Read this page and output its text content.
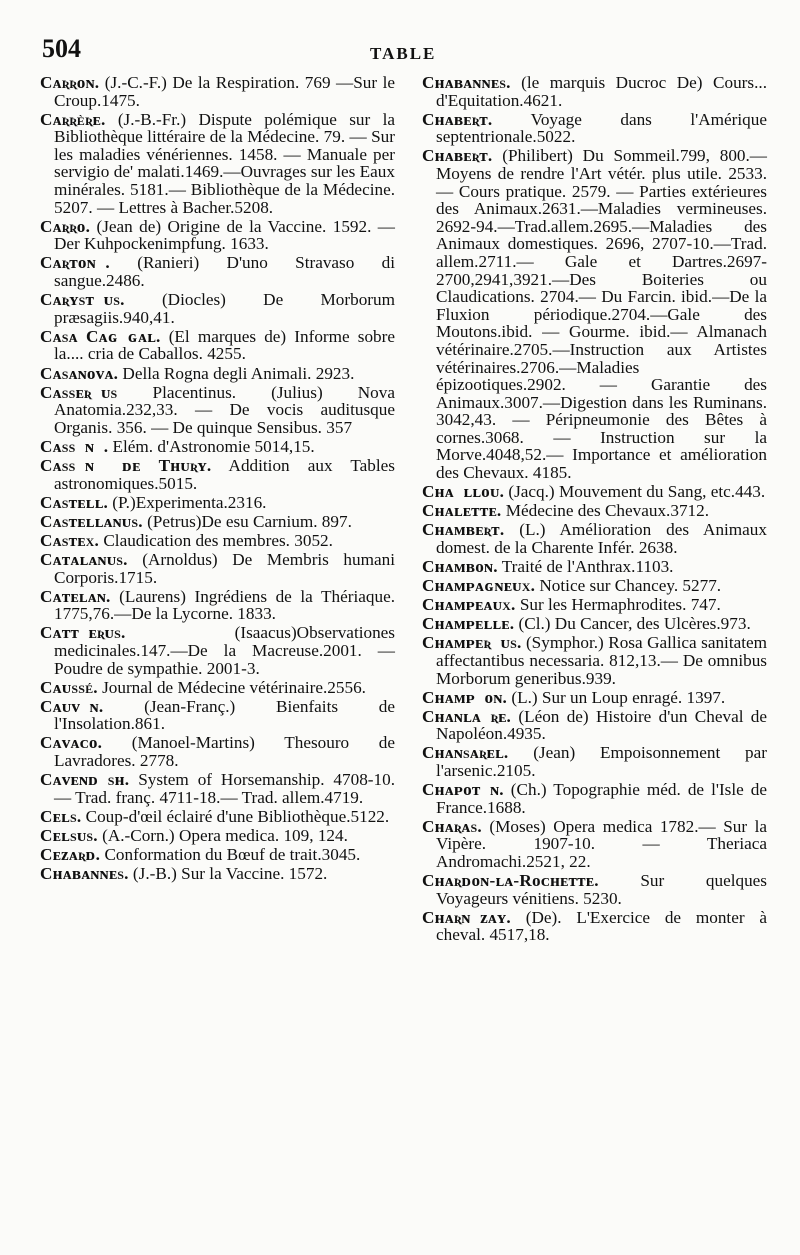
504	TABLE
Cᴀʀʀᴏɴ. (J.-C.-F.) De la Respiration. 769 —Sur le Croup.1475.
Cᴀʀʀèʀᴇ. (J.-B.-Fr.) Dispute polémique sur la Bibliothèque littéraire de la Médecine. 79. — Sur les maladies vénériennes. 1458. — Manuale per servigio de' malati.1469.—Ouvrages sur les Eaux minérales. 5181.— Bibliothèque de la Médecine. 5207. — Lettres à Bacher.5208.
Cᴀʀʀᴏ. (Jean de) Origine de la Vaccine. 1592. — Der Kuhpockenimpfung. 1633.
Cᴀʀᴛᴏɴɪ. (Ranieri) D'uno Stravaso di sangue.2486.
Cᴀʀʏsᴛɪᴜs. (Diocles) De Morborum præsagiis.940,41.
Cᴀsᴀ Cᴀɢɪɢᴀʟ. (El marques de) Informe sobre la.... cria de Caballos. 4255.
Cᴀsᴀɴᴏᴠᴀ. Della Rogna degli Animali. 2923.
Cᴀssᴇʀɪᴜs Placentinus. (Julius) Nova Anatomia.232,33. — De vocis auditusque Organis. 356. — De quinque Sensibus. 357
Cᴀssɪɴɪ. Elém. d'Astronomie 5014,15.
Cᴀssɪɴɪ ᴅᴇ Tʜᴜʀʏ. Addition aux Tables astronomiques.5015.
Cᴀsᴛᴇʟʟ. (P.)Experimenta.2316.
Cᴀsᴛᴇʟʟᴀɴᴜs. (Petrus)De esu Carnium. 897.
Cᴀsᴛᴇx. Claudication des membres. 3052.
Cᴀᴛᴀʟᴀɴᴜs. (Arnoldus) De Membris humani Corporis.1715.
Cᴀᴛᴇʟᴀɴ. (Laurens) Ingrédiens de la Thériaque. 1775,76.—De la Lycorne. 1833.
Cᴀᴛᴛɪᴇʀᴜs.	(Isaacus)Observationes medicinales.147.—De la Macreuse.2001. — Poudre de sympathie. 2001-3.
Cᴀᴜssé. Journal de Médecine vétérinaire.2556.
Cᴀᴜᴠɪɴ. (Jean-Franç.) Bienfaits de l'Insolation.861.
Cᴀᴠᴀᴄᴏ. (Manoel-Martins) Thesouro de Lavradores. 2778.
Cᴀᴠᴇɴᴅɪsʜ. System of Horsemanship. 4708-10. — Trad. franç. 4711-18.— Trad. allem.4719.
Cᴇʟs. Coup-d'œil éclairé d'une Bibliothèque.5122.
Cᴇʟsᴜs. (A.-Corn.) Opera medica. 109, 124.
Cᴇᴢᴀʀᴅ. Conformation du Bœuf de trait.3045.
Cʜᴀʙᴀɴɴᴇs. (J.-B.) Sur la Vaccine. 1572.
Cʜᴀʙᴀɴɴᴇs. (le marquis Ducroc De) Cours... d'Equitation.4621.
Cʜᴀʙᴇʀᴛ. Voyage dans l'Amérique septentrionale.5022.
Cʜᴀʙᴇʀᴛ. (Philibert) Du Sommeil.799, 800.—Moyens de rendre l'Art vétér. plus utile. 2533. — Cours pratique. 2579. — Parties extérieures des Animaux.2631.—Maladies vermineuses. 2692-94.—Trad.allem.2695.—Maladies des Animaux domestiques. 2696, 2707-10.—Trad. allem.2711.— Gale et Dartres.2697-2700,2941,3921.—Des Boiteries ou Claudications. 2704.— Du Farcin. ibid.—De la Fluxion périodique.2704.—Gale des Moutons.ibid. — Gourme. ibid.— Almanach vétérinaire.2705.—Instruction aux Artistes vétérinaires.2706.—Maladies épizootiques.2902. — Garantie des Animaux.3007.—Digestion dans les Ruminans. 3042,43. — Péripneumonie des Bêtes à cornes.3068. — Instruction sur la Morve.4048,52.— Importance et amélioration des Chevaux. 4185.
Cʜᴀɪʟʟᴏᴜ. (Jacq.) Mouvement du Sang, etc.443.
Cʜᴀʟᴇᴛᴛᴇ. Médecine des Chevaux.3712.
Cʜᴀᴍʙᴇʀᴛ. (L.) Amélioration des Animaux domest. de la Charente Infér. 2638.
Cʜᴀᴍʙᴏɴ. Traité de l'Anthrax.1103.
Cʜᴀᴍᴘᴀɢɴᴇᴜx. Notice sur Chancey. 5277.
Cʜᴀᴍᴘᴇᴀᴜx. Sur les Hermaphrodites. 747.
Cʜᴀᴍᴘᴇʟʟᴇ. (Cl.) Du Cancer, des Ulcères.973.
Cʜᴀᴍᴘᴇʀɪᴜs. (Symphor.) Rosa Gallica sanitatem affectantibus necessaria. 812,13.— De omnibus Morborum generibus.939.
Cʜᴀᴍᴘɪᴏɴ. (L.) Sur un Loup enragé. 1397.
Cʜᴀɴʟᴀɪʀᴇ. (Léon de) Histoire d'un Cheval de Napoléon.4935.
Cʜᴀɴsᴀʀᴇʟ. (Jean) Empoisonnement par l'arsenic.2105.
Cʜᴀᴘᴏᴛɪɴ. (Ch.) Topographie méd. de l'Isle de France.1688.
Cʜᴀʀᴀs. (Moses) Opera medica 1782.— Sur la Vipère. 1907-10. — Theriaca Andromachi.2521, 22.
Cʜᴀʀᴅᴏɴ-ʟᴀ-Rᴏᴄʜᴇᴛᴛᴇ. Sur quelques Voyageurs vénitiens. 5230.
Cʜᴀʀɴɪᴢᴀʏ. (De). L'Exercice de monter à cheval. 4517,18.
